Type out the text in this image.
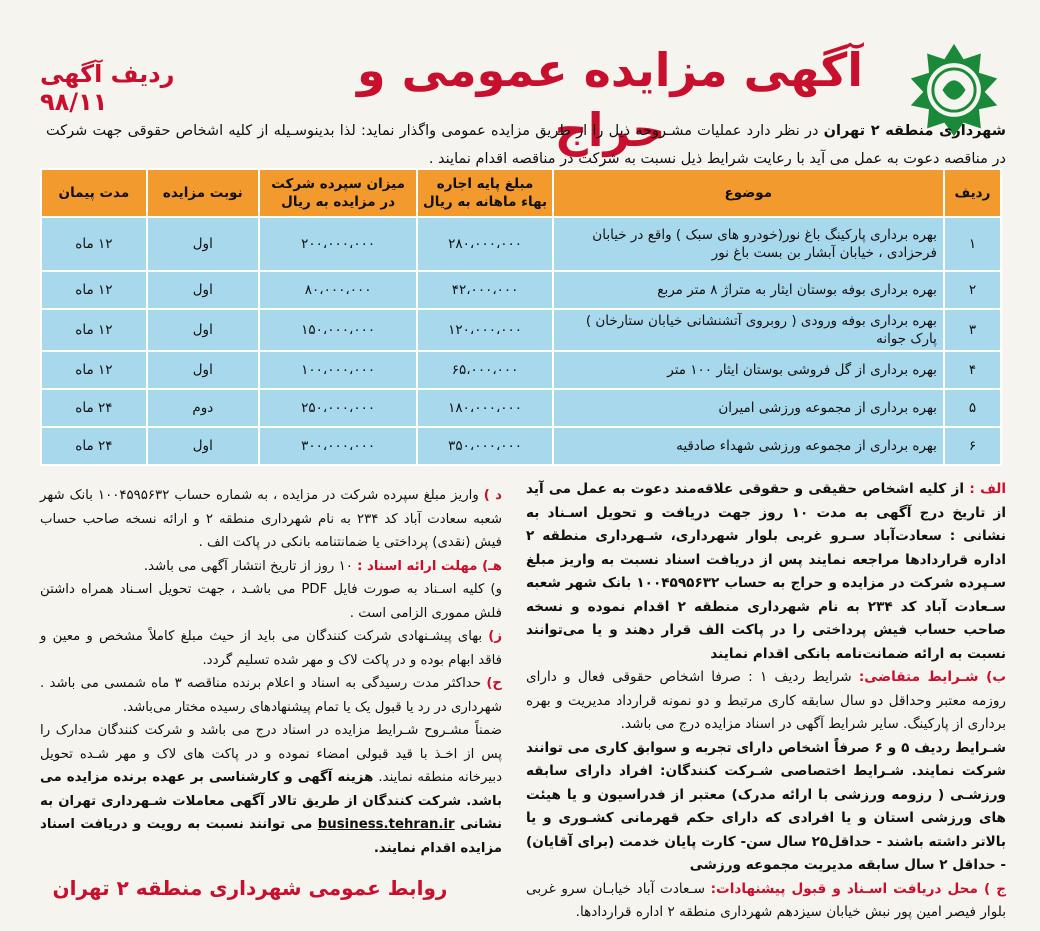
آگهی مزایده عمومی و حراج
ردیف آگهی ۹۸/۱۱

شهرداری منطقه ۲ تهران در نظر دارد عملیات مشـروحه ذیل را از طریق مزایده عمومی واگذار نماید: لذا بدینوسـیله از کلیه اشخاص حقوقی جهت شرکت در مناقصه دعوت به عمل می آید با رعایت شرایط ذیل نسبت به شرکت در مناقصه اقدام نمایند .

ردیف	موضوع	مبلغ پایه اجاره بهاء ماهانه به ریال	میزان سپرده شرکت در مزایده به ریال	نوبت مزایده	مدت پیمان
۱	بهره برداری پارکینگ باغ نور(خودرو های سبک ) واقع در خیابان فرحزادی ، خیابان آبشار بن بست باغ نور	۲۸۰،۰۰۰،۰۰۰	۲۰۰،۰۰۰،۰۰۰	اول	۱۲ ماه
۲	بهره برداری بوفه بوستان ایثار به متراژ ۸ متر مربع	۴۲،۰۰۰،۰۰۰	۸۰،۰۰۰،۰۰۰	اول	۱۲ ماه
۳	بهره برداری بوفه ورودی ( روبروی آتشنشانی خیابان ستارخان ) پارک جوانه	۱۲۰،۰۰۰،۰۰۰	۱۵۰،۰۰۰،۰۰۰	اول	۱۲ ماه
۴	بهره برداری از گل فروشی بوستان ایثار ۱۰۰ متر	۶۵،۰۰۰،۰۰۰	۱۰۰،۰۰۰،۰۰۰	اول	۱۲ ماه
۵	بهره برداری از مجموعه ورزشی امیران	۱۸۰،۰۰۰،۰۰۰	۲۵۰،۰۰۰،۰۰۰	دوم	۲۴ ماه
۶	بهره برداری از مجموعه ورزشی شهداء صادقیه	۳۵۰،۰۰۰،۰۰۰	۳۰۰،۰۰۰،۰۰۰	اول	۲۴ ماه

الف : از کلیه اشخاص حقیقی و حقوقی علاقه‌مند دعوت به عمل می آید از تاریخ درج آگهی به مدت ۱۰ روز جهت دریافت و تحویل اسـناد به نشانی : سعادت‌آباد سـرو غربی بلوار شهرداری، شـهرداری منطقه ۲ اداره قراردادها مراجعه نمایند پس از دریافت اسناد نسبت به واریز مبلغ سـپرده شرکت در مزایده و حراج به حساب ۱۰۰۴۵۹۵۶۳۲ بانک شهر شعبه سـعادت آباد کد ۲۳۴ به نام شهرداری منطقه ۲ اقدام نموده و نسخه صاحب حساب فیش پرداختی را در پاکت الف قرار دهند و یا می‌توانند نسبت به ارائه ضمانت‌نامه بانکی اقدام نمایند

ب) شـرایط متقاضی: شرایط ردیف ۱ : صرفا اشخاص حقوقی فعال و دارای روزمه معتبر وحداقل دو سال سابقه کاری مرتبط و دو نمونه قرارداد مدیریت و بهره برداری از پارکینگ. سایر شرایط آگهی در اسناد مزایده درج می باشد.

شـرایط ردیف ۵ و ۶ صرفاً اشخاص دارای تجربه و سوابق کاری می توانند شرکت نمایند. شـرایط اختصاصی شـرکت کنندگان: افراد دارای سابقه ورزشـی ( رزومه ورزشی با ارائه مدرک) معتبر از فدراسیون و یا هیئت های ورزشی استان و یا افرادی که دارای حکم قهرمانی کشـوری و یا بالاتر داشته باشند - حداقل۲۵ سال سن- کارت پایان خدمت (برای آقایان) - حداقل ۲ سال سابقه مدیریت مجموعه ورزشی

ج ) محل دریافت اسـناد و قبول پیشنهادات: سـعادت آباد خیابـان سرو غربی بلوار فیصر امین پور نبش خیابان سیزدهم شهرداری منطقه ۲ اداره قراردادها.

د ) واریز مبلغ سپرده شرکت در مزایده ، به شماره حساب ۱۰۰۴۵۹۵۶۳۲ بانک شهر شعبه سعادت آباد کد ۲۳۴ به نام شهرداری منطقه ۲ و ارائه نسخه صاحب حساب فیش (نقدی) پرداختی یا ضمانتنامه بانکی در پاکت الف .

هـ) مهلت ارائه اسناد : ۱۰ روز از تاریخ انتشار آگهی می باشد.

و) کلیه اسـناد به صورت فایل PDF می باشـد ، جهت تحویل اسـناد همراه داشتن فلش مموری الزامی است .

ز) بهای پیشـنهادی شرکت کنندگان می باید از حیث مبلغ کاملاً مشخص و معین و فاقد ابهام بوده و در پاکت لاک و مهر شده تسلیم گردد.

ح) حداکثر مدت رسیدگی به اسناد و اعلام برنده مناقصه ۳ ماه شمسی می باشد . شهرداری در رد یا قبول یک یا تمام پیشنهادهای رسیده مختار می‌باشد.

ضمناً مشـروح شـرایط مزایده در اسناد درج می باشد و شرکت کنندگان مدارک را پس از اخـذ با قید قبولی امضاء نموده و در پاکت های لاک و مهر شـده تحویل دبیرخانه منطقه نمایند. هزینه آگهی و کارشناسی بر عهده برنده مزایده می باشد. شرکت کنندگان از طریق تالار آگهی معاملات شـهرداری تهران به نشانی business.tehran.ir می توانند نسبت به رویت و دریافت اسناد مزایده اقدام نمایند.

روابط عمومی شهرداری منطقه ۲ تهران
